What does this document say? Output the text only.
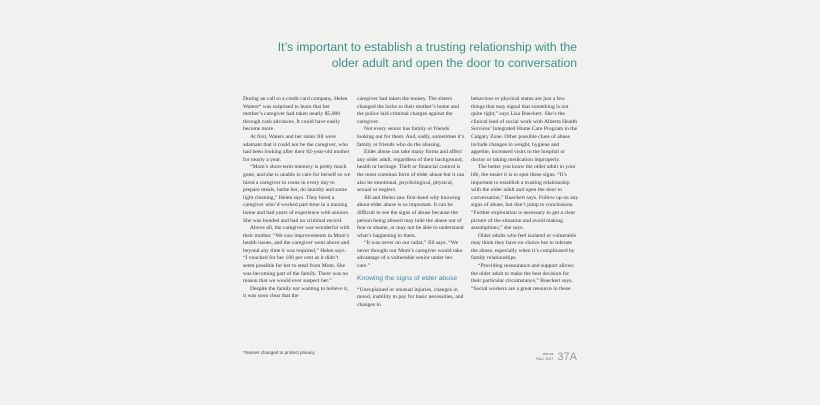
It’s important to establish a trusting relationship with the older adult and open the door to conversation

During an call to a credit card company, Helen Waters* was surprised to learn that her mother’s caregiver had taken nearly $5,000 through cash advances. It could have easily become more.

At first, Waters and her sister Jill were adamant that it could not be the caregiver, who had been looking after their 82-year-old mother for nearly a year.

“Mom’s short-term memory is pretty much gone, and she is unable to care for herself so we hired a caregiver to come in every day to prepare meals, bathe her, do laundry and some light cleaning,” Helen says. They hired a caregiver who’d worked part-time in a nursing home and had years of experience with seniors. She was bonded and had no criminal record.

Above all, the caregiver was wonderful with their mother. “We saw improvements in Mom’s health issues, and the caregiver went above and beyond any time it was required,” Helen says. “I vouched for her 100 per cent as it didn’t seem possible for her to steal from Mom. She was becoming part of the family. There was no reason that we would ever suspect her.”

Despite the family not wanting to believe it, it was soon clear that the

caregiver had taken the money. The sisters changed the locks to their mother’s home and the police laid criminal charges against the caregiver.

Not every senior has family or friends looking out for them. And, sadly, sometimes it’s family or friends who do the abusing.

Elder abuse can take many forms and affect any older adult, regardless of their background, health or heritage. Theft or financial control is the most common form of elder abuse but it can also be emotional, psychological, physical, sexual or neglect.

Jill and Helen saw first-hand why knowing about elder abuse is so important. It can be difficult to see the signs of abuse because the person being abused may hide the abuse out of fear or shame, or may not be able to understand what’s happening to them.

“It was never on our radar,” Jill says. “We never thought our Mom’s caregiver would take advantage of a vulnerable senior under her care.”

Knowing the signs of elder abuse

“Unexplained or unusual injuries, changes in mood, inability to pay for basic necessities, and changes in

behaviour or physical status are just a few things that may signal that something is not quite right,” says Lisa Bueckert. She’s the clinical lead of social work with Alberta Health Services’ Integrated Home Care Program in the Calgary Zone. Other possible clues of abuse include changes in weight, hygiene and appetite, increased visits to the hospital or doctor or taking medication improperly.

The better you know the older adult in your life, the easier it is to spot these signs. “It’s important to establish a trusting relationship with the older adult and open the door to conversation,” Bueckert says. Follow up on any signs of abuse, but don’t jump to conclusions. “Further exploration is necessary to get a clear picture of the situation and avoid making assumptions,” she says.

Older adults who feel isolated or vulnerable may think they have no choice but to tolerate the abuse, especially when it’s complicated by family relationships.

“Providing reassurance and support allows the older adult to make the best decision for their particular circumstance,” Bueckert says. “Social workers are a great resource in these

*Names changed to protect privacy.	ahs.ca
FALL 2017 37A
